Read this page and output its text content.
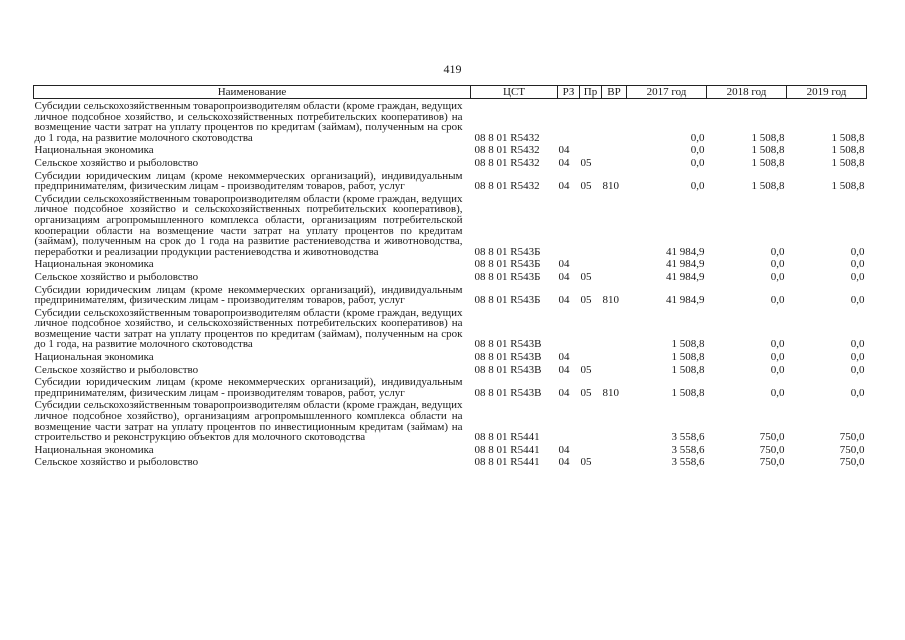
419
Наименование	ЦСТ	РЗ	Пр	ВР	2017 год	2018 год	2019 год
Субсидии сельскохозяйственным товаропроизводителям области (кроме граждан, ведущих личное подсобное хозяйство, и сельскохозяйственных потребительских кооперативов) на возмещение части затрат на уплату процентов по кредитам (займам), полученным на срок до 1 года, на развитие молочного скотоводства	08 8 01 R5432				0,0	1 508,8	1 508,8
Национальная экономика	08 8 01 R5432	04			0,0	1 508,8	1 508,8
Сельское хозяйство и рыболовство	08 8 01 R5432	04	05		0,0	1 508,8	1 508,8
Субсидии юридическим лицам (кроме некоммерческих организаций), индивидуальным предпринимателям, физическим лицам - производителям товаров, работ, услуг	08 8 01 R5432	04	05	810	0,0	1 508,8	1 508,8
Субсидии сельскохозяйственным товаропроизводителям области (кроме граждан, ведущих личное подсобное хозяйство и сельскохозяйственных потребительских кооперативов), организациям агропромышленного комплекса области, организациям потребительской кооперации области на возмещение части затрат на уплату процентов по кредитам (займам), полученным на срок до 1 года на развитие растениеводства и животноводства, переработки и реализации продукции растениеводства и животноводства	08 8 01 R543Б				41 984,9	0,0	0,0
Национальная экономика	08 8 01 R543Б	04			41 984,9	0,0	0,0
Сельское хозяйство и рыболовство	08 8 01 R543Б	04	05		41 984,9	0,0	0,0
Субсидии юридическим лицам (кроме некоммерческих организаций), индивидуальным предпринимателям, физическим лицам - производителям товаров, работ, услуг	08 8 01 R543Б	04	05	810	41 984,9	0,0	0,0
Субсидии сельскохозяйственным товаропроизводителям области (кроме граждан, ведущих личное подсобное хозяйство, и сельскохозяйственных потребительских кооперативов) на возмещение части затрат на уплату процентов по кредитам (займам), полученным на срок до 1 года, на развитие молочного скотоводства	08 8 01 R543В				1 508,8	0,0	0,0
Национальная экономика	08 8 01 R543В	04			1 508,8	0,0	0,0
Сельское хозяйство и рыболовство	08 8 01 R543В	04	05		1 508,8	0,0	0,0
Субсидии юридическим лицам (кроме некоммерческих организаций), индивидуальным предпринимателям, физическим лицам - производителям товаров, работ, услуг	08 8 01 R543В	04	05	810	1 508,8	0,0	0,0
Субсидии сельскохозяйственным товаропроизводителям области (кроме граждан, ведущих личное подсобное хозяйство), организациям агропромышленного комплекса области на возмещение части затрат на уплату процентов по инвестиционным кредитам (займам) на строительство и реконструкцию объектов для молочного скотоводства	08 8 01 R5441				3 558,6	750,0	750,0
Национальная экономика	08 8 01 R5441	04			3 558,6	750,0	750,0
Сельское хозяйство и рыболовство	08 8 01 R5441	04	05		3 558,6	750,0	750,0
